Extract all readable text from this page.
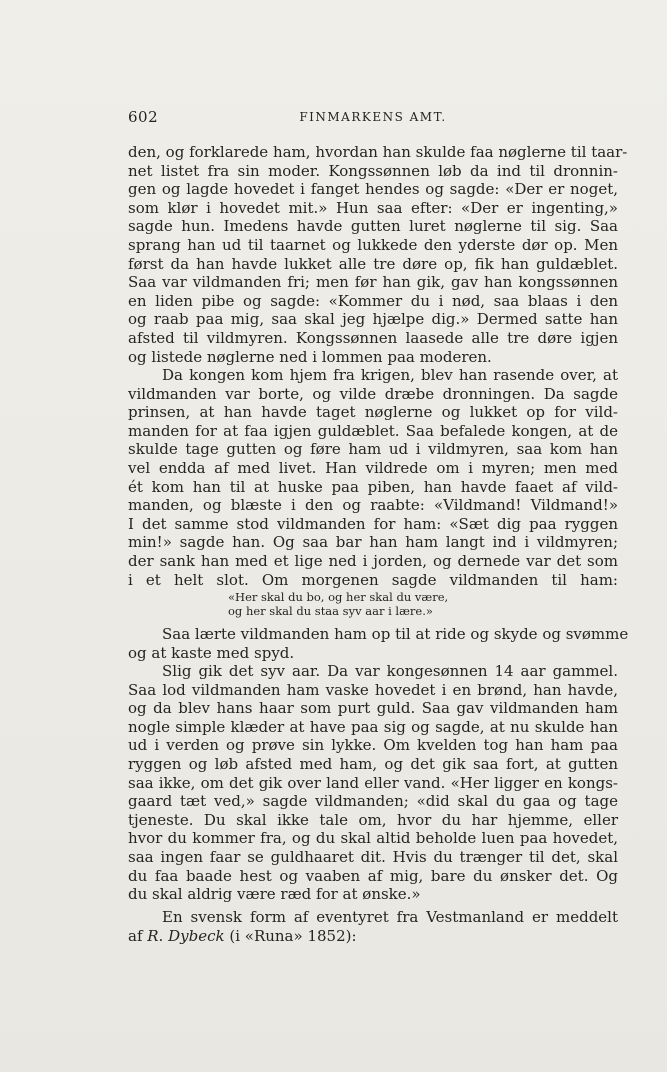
602	FINMARKENS AMT.
den, og forklarede ham, hvordan han skulde faa nøglerne til taar-
net listet fra sin moder. Kongssønnen løb da ind til dronnin-
gen og lagde hovedet i fanget hendes og sagde: «Der er noget,
som klør i hovedet mit.» Hun saa efter: «Der er ingenting,»
sagde hun. Imedens havde gutten luret nøglerne til sig. Saa
sprang han ud til taarnet og lukkede den yderste dør op. Men
først da han havde lukket alle tre døre op, fik han guldæblet.
Saa var vildmanden fri; men før han gik, gav han kongssønnen
en liden pibe og sagde: «Kommer du i nød, saa blaas i den
og raab paa mig, saa skal jeg hjælpe dig.» Dermed satte han
afsted til vildmyren. Kongssønnen laasede alle tre døre igjen
og listede nøglerne ned i lommen paa moderen.
Da kongen kom hjem fra krigen, blev han rasende over, at
vildmanden var borte, og vilde dræbe dronningen. Da sagde
prinsen, at han havde taget nøglerne og lukket op for vild-
manden for at faa igjen guldæblet. Saa befalede kongen, at de
skulde tage gutten og føre ham ud i vildmyren, saa kom han
vel endda af med livet. Han vildrede om i myren; men med
ét kom han til at huske paa piben, han havde faaet af vild-
manden, og blæste i den og raabte: «Vildmand! Vildmand!»
I det samme stod vildmanden for ham: «Sæt dig paa ryggen
min!» sagde han. Og saa bar han ham langt ind i vildmyren;
der sank han med et lige ned i jorden, og dernede var det som
i et helt slot. Om morgenen sagde vildmanden til ham:
«Her skal du bo, og her skal du være,
og her skal du staa syv aar i lære.»
Saa lærte vildmanden ham op til at ride og skyde og svømme
og at kaste med spyd.
Slig gik det syv aar. Da var kongesønnen 14 aar gammel.
Saa lod vildmanden ham vaske hovedet i en brønd, han havde,
og da blev hans haar som purt guld. Saa gav vildmanden ham
nogle simple klæder at have paa sig og sagde, at nu skulde han
ud i verden og prøve sin lykke. Om kvelden tog han ham paa
ryggen og løb afsted med ham, og det gik saa fort, at gutten
saa ikke, om det gik over land eller vand. «Her ligger en kongs-
gaard tæt ved,» sagde vildmanden; «did skal du gaa og tage
tjeneste. Du skal ikke tale om, hvor du har hjemme, eller
hvor du kommer fra, og du skal altid beholde luen paa hovedet,
saa ingen faar se guldhaaret dit. Hvis du trænger til det, skal
du faa baade hest og vaaben af mig, bare du ønsker det. Og
du skal aldrig være ræd for at ønske.»
En svensk form af eventyret fra Vestmanland er meddelt
af R. Dybeck (i «Runa» 1852):
